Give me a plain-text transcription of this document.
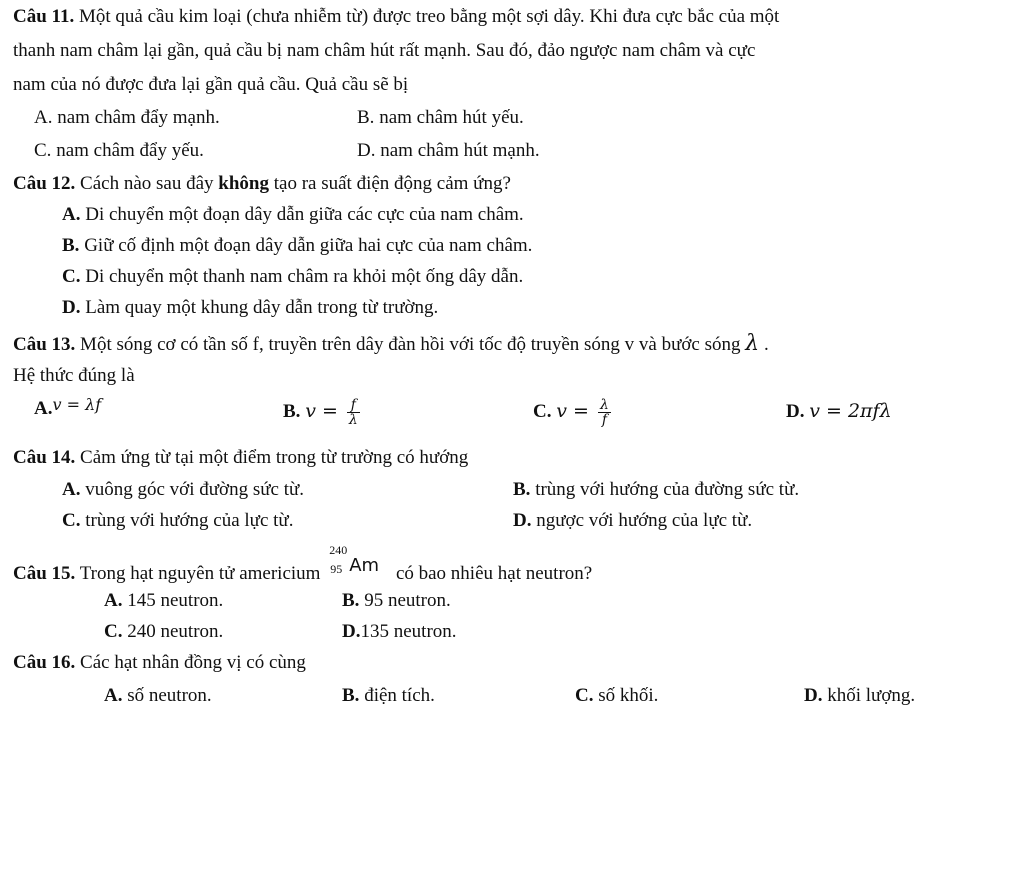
Câu 11. Một quả cầu kim loại (chưa nhiễm từ) được treo bằng một sợi dây. Khi đưa cực bắc của một
thanh nam châm lại gần, quả cầu bị nam châm hút rất mạnh. Sau đó, đảo ngược nam châm và cực
nam của nó được đưa lại gần quả cầu. Quả cầu sẽ bị
A. nam châm đẩy mạnh.	B. nam châm hút yếu.
C. nam châm đẩy yếu.	D. nam châm hút mạnh.
Câu 12. Cách nào sau đây không tạo ra suất điện động cảm ứng?
A. Di chuyển một đoạn dây dẫn giữa các cực của nam châm.
B. Giữ cố định một đoạn dây dẫn giữa hai cực của nam châm.
C. Di chuyển một thanh nam châm ra khỏi một ống dây dẫn.
D. Làm quay một khung dây dẫn trong từ trường.
Câu 13. Một sóng cơ có tần số f, truyền trên dây đàn hồi với tốc độ truyền sóng v và bước sóng λ .
Hệ thức đúng là
A.$^{v = \lambda f}$	B. $v = \frac{f}{\lambda}$	C. $v = \frac{\lambda}{f}$	D. v = 2πfλ
Câu 14. Cảm ứng từ tại một điểm trong từ trường có hướng
A. vuông góc với đường sức từ.	B. trùng với hướng của đường sức từ.
C. trùng với hướng của lực từ.	D. ngược với hướng của lực từ.
Câu 15. Trong hạt nguyên tử americium
240
95 Am có bao nhiêu hạt neutron?
A. 145 neutron.	B. 95 neutron.
C. 240 neutron.	D.135 neutron.
Câu 16. Các hạt nhân đồng vị có cùng
A. số neutron.	B. điện tích.	C. số khối.	D. khối lượng.
